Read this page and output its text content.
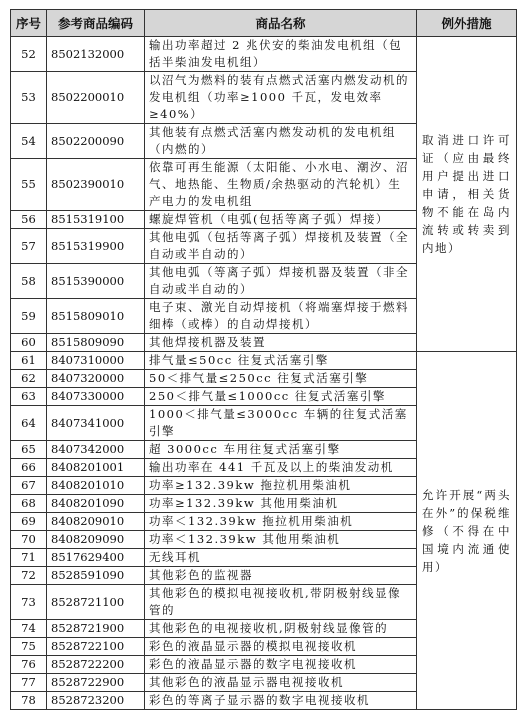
序号	参考商品编码	商品名称	例外措施
52	8502132000	输出功率超过 2 兆伏安的柴油发电机组（包括半柴油发电机组）	取消进口许可证（应由最终用户提出进口申请，相关货物不能在岛内流转或转卖到内地）
53	8502200010	以沼气为燃料的装有点燃式活塞内燃发动机的发电机组（功率≥1000 千瓦，发电效率≥40%）	
54	8502200090	其他装有点燃式活塞内燃发动机的发电机组（内燃的）	
55	8502390010	依靠可再生能源（太阳能、小水电、潮汐、沼气、地热能、生物质/余热驱动的汽轮机）生产电力的发电机组	
56	8515319100	螺旋焊管机（电弧(包括等离子弧）焊接）	
57	8515319900	其他电弧（包括等离子弧）焊接机及装置（全自动或半自动的）	
58	8515390000	其他电弧（等离子弧）焊接机器及装置（非全自动或半自动的）	
59	8515809010	电子束、激光自动焊接机（将端塞焊接于燃料细棒（或棒）的自动焊接机）	
60	8515809090	其他焊接机器及装置	
61	8407310000	排气量≤50cc 往复式活塞引擎	允许开展“两头在外”的保税维修（不得在中国境内流通使用）
62	8407320000	50＜排气量≤250cc 往复式活塞引擎	
63	8407330000	250＜排气量≤1000cc 往复式活塞引擎	
64	8407341000	1000＜排气量≤3000cc 车辆的往复式活塞引擎	
65	8407342000	超 3000cc 车用往复式活塞引擎	
66	8408201001	输出功率在 441 千瓦及以上的柴油发动机	
67	8408201010	功率≥132.39kw 拖拉机用柴油机	
68	8408201090	功率≥132.39kw 其他用柴油机	
69	8408209010	功率＜132.39kw 拖拉机用柴油机	
70	8408209090	功率＜132.39kw 其他用柴油机	
71	8517629400	无线耳机	
72	8528591090	其他彩色的监视器	
73	8528721100	其他彩色的模拟电视接收机,带阴极射线显像管的	
74	8528721900	其他彩色的电视接收机,阴极射线显像管的	
75	8528722100	彩色的液晶显示器的模拟电视接收机	
76	8528722200	彩色的液晶显示器的数字电视接收机	
77	8528722900	其他彩色的液晶显示器电视接收机	
78	8528723200	彩色的等离子显示器的数字电视接收机	
